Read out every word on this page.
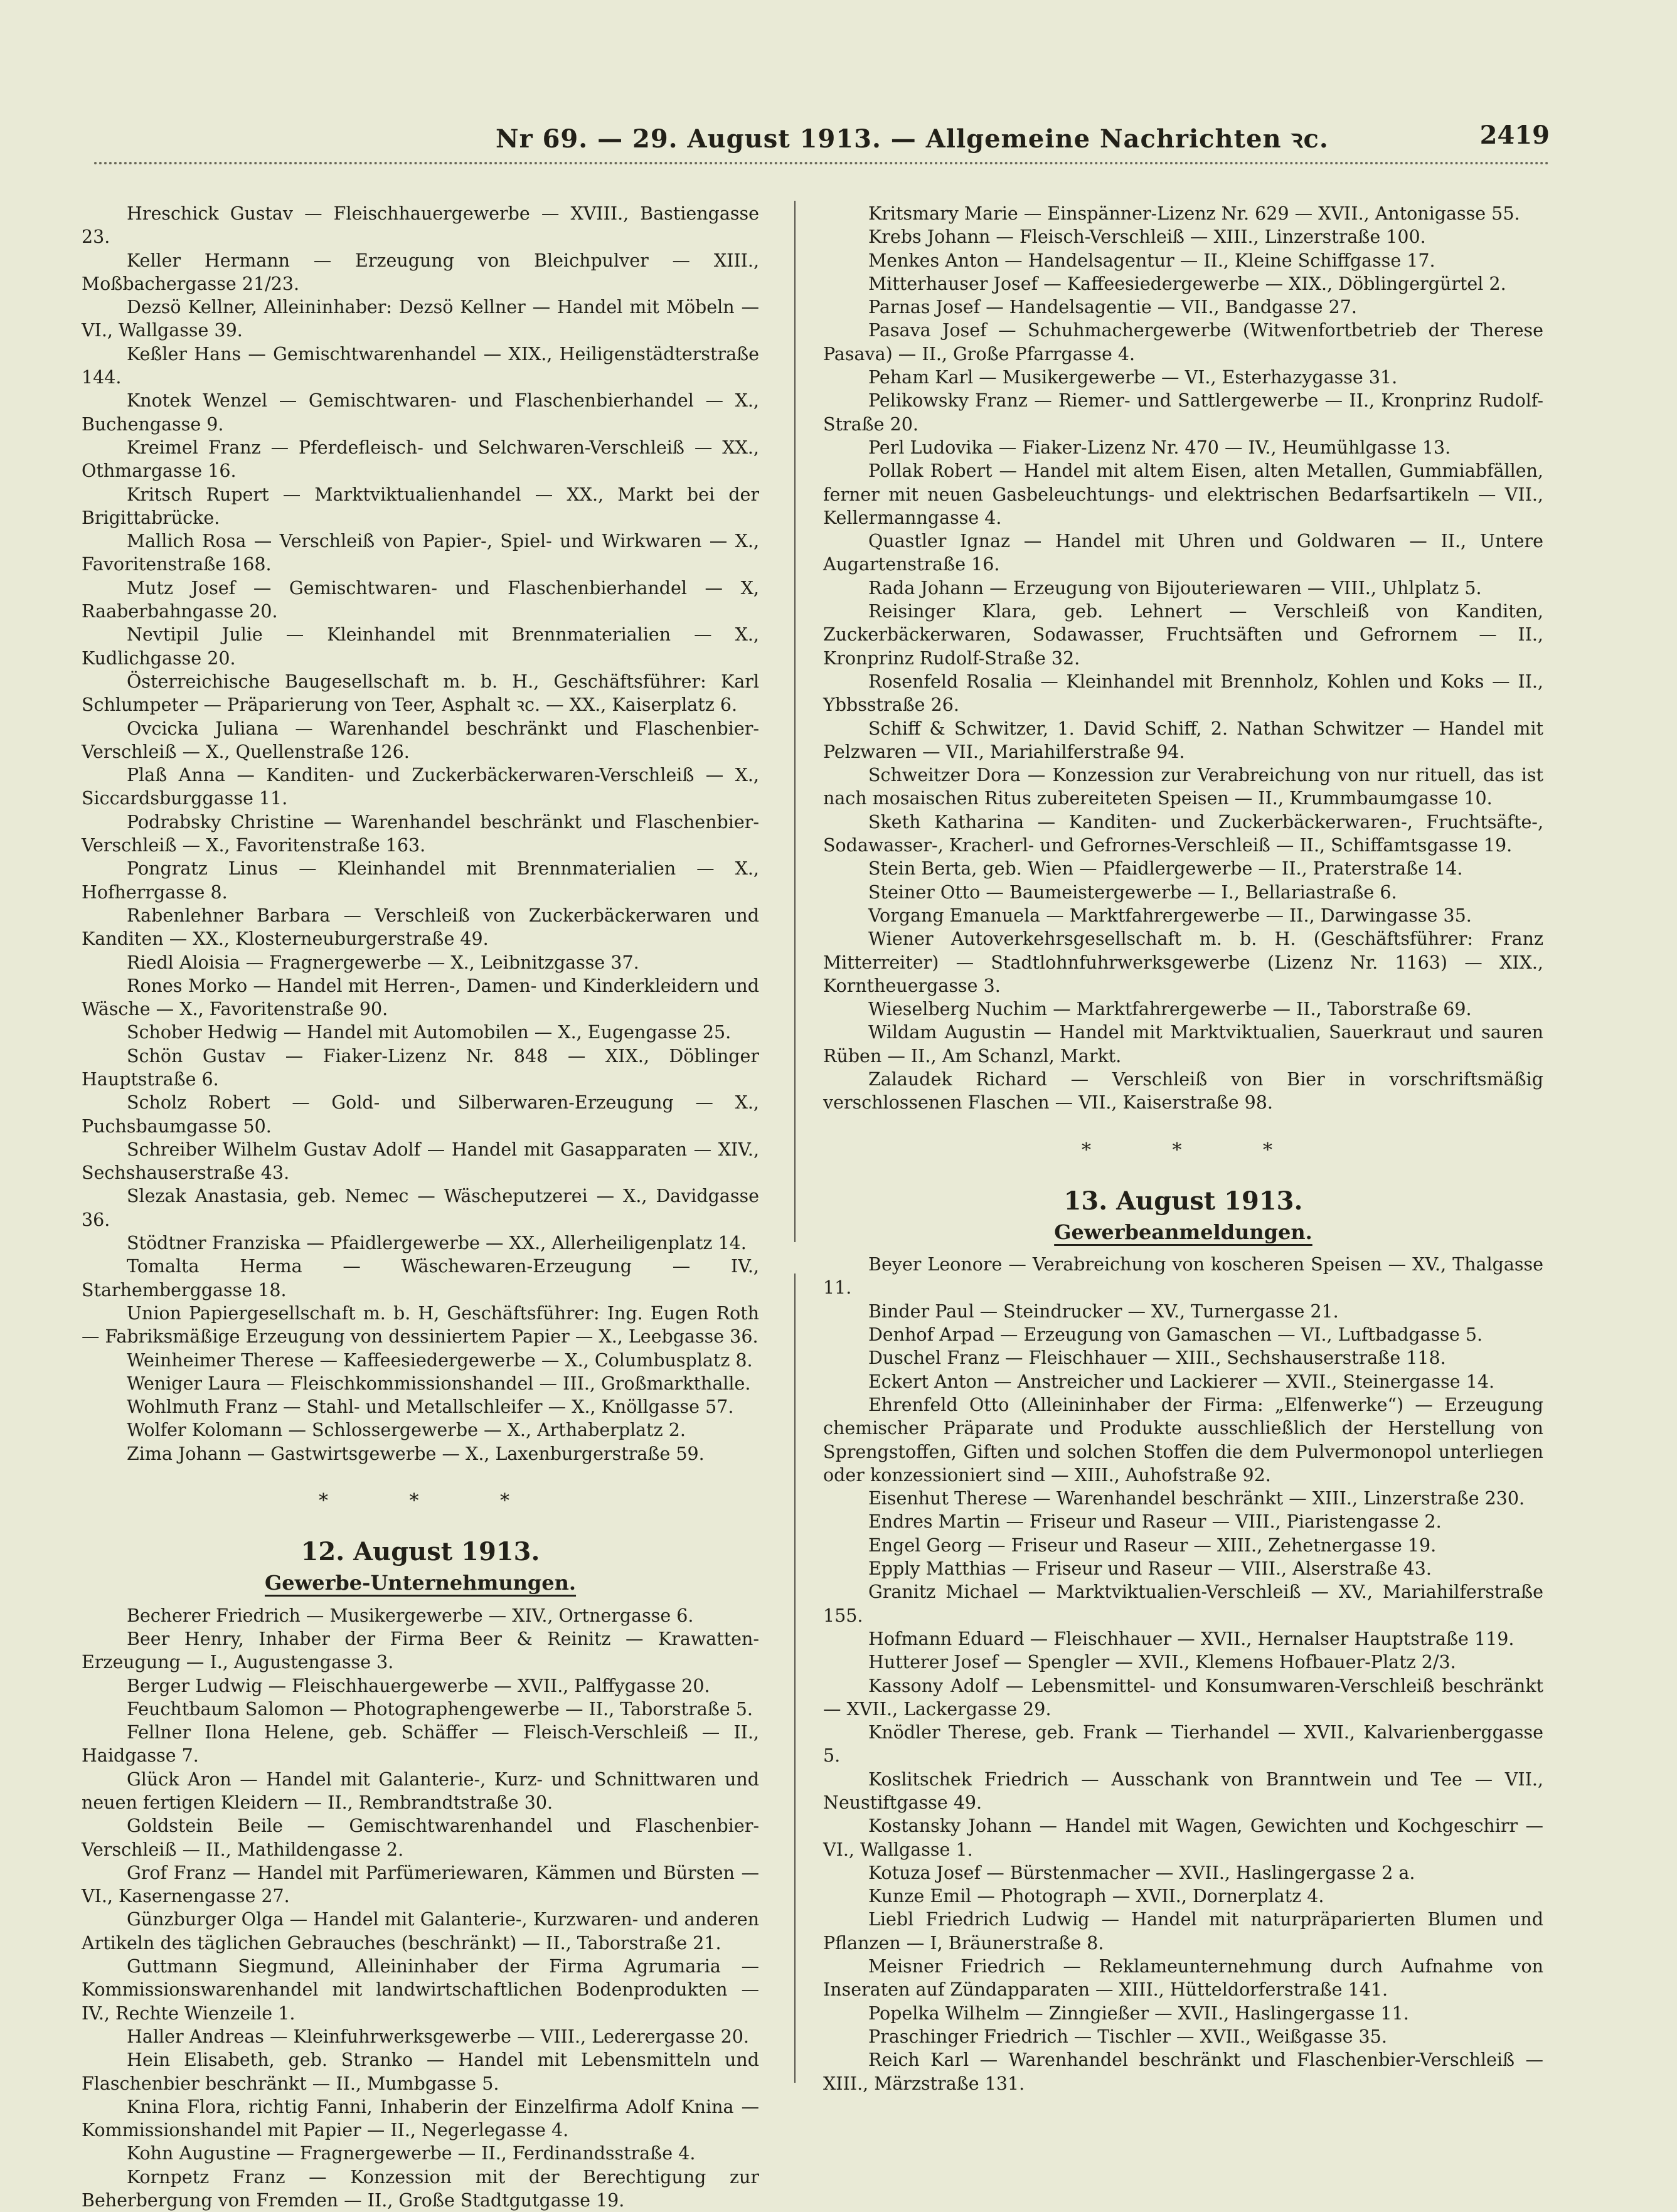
Nr 69. — 29. August 1913. — Allgemeine Nachrichten ꝛc.	2419

Hreschick Gustav — Fleischhauergewerbe — XVIII., Bastiengasse 23.

Keller Hermann — Erzeugung von Bleichpulver — XIII., Moßbachergasse 21/23.

Dezsö Kellner, Alleininhaber: Dezsö Kellner — Handel mit Möbeln — VI., Wallgasse 39.

Keßler Hans — Gemischtwarenhandel — XIX., Heiligenstädterstraße 144.

Knotek Wenzel — Gemischtwaren- und Flaschenbierhandel — X., Buchengasse 9.

Kreimel Franz — Pferdefleisch- und Selchwaren-Verschleiß — XX., Othmargasse 16.

Kritsch Rupert — Marktviktualienhandel — XX., Markt bei der Brigittabrücke.

Mallich Rosa — Verschleiß von Papier-, Spiel- und Wirkwaren — X., Favoritenstraße 168.

Mutz Josef — Gemischtwaren- und Flaschenbierhandel — X, Raaberbahngasse 20.

Nevtipil Julie — Kleinhandel mit Brennmaterialien — X., Kudlichgasse 20.

Österreichische Baugesellschaft m. b. H., Geschäftsführer: Karl Schlumpeter — Präparierung von Teer, Asphalt ꝛc. — XX., Kaiserplatz 6.

Ovcicka Juliana — Warenhandel beschränkt und Flaschenbier-Verschleiß — X., Quellenstraße 126.

Plaß Anna — Kanditen- und Zuckerbäckerwaren-Verschleiß — X., Siccardsburggasse 11.

Podrabsky Christine — Warenhandel beschränkt und Flaschenbier-Verschleiß — X., Favoritenstraße 163.

Pongratz Linus — Kleinhandel mit Brennmaterialien — X., Hofherrgasse 8.

Rabenlehner Barbara — Verschleiß von Zuckerbäckerwaren und Kanditen — XX., Klosterneuburgerstraße 49.

Riedl Aloisia — Fragnergewerbe — X., Leibnitzgasse 37.

Rones Morko — Handel mit Herren-, Damen- und Kinderkleidern und Wäsche — X., Favoritenstraße 90.

Schober Hedwig — Handel mit Automobilen — X., Eugengasse 25.

Schön Gustav — Fiaker-Lizenz Nr. 848 — XIX., Döblinger Hauptstraße 6.

Scholz Robert — Gold- und Silberwaren-Erzeugung — X., Puchsbaumgasse 50.

Schreiber Wilhelm Gustav Adolf — Handel mit Gasapparaten — XIV., Sechshauserstraße 43.

Slezak Anastasia, geb. Nemec — Wäscheputzerei — X., Davidgasse 36.

Stödtner Franziska — Pfaidlergewerbe — XX., Allerheiligenplatz 14.

Tomalta Herma — Wäschewaren-Erzeugung — IV., Starhemberggasse 18.

Union Papiergesellschaft m. b. H, Geschäftsführer: Ing. Eugen Roth — Fabriksmäßige Erzeugung von dessiniertem Papier — X., Leebgasse 36.

Weinheimer Therese — Kaffeesiedergewerbe — X., Columbusplatz 8.

Weniger Laura — Fleischkommissionshandel — III., Großmarkthalle.

Wohlmuth Franz — Stahl- und Metallschleifer — X., Knöllgasse 57.

Wolfer Kolomann — Schlossergewerbe — X., Arthaberplatz 2.

Zima Johann — Gastwirtsgewerbe — X., Laxenburgerstraße 59.

* * *
12. August 1913.
Gewerbe-Unternehmungen.

Becherer Friedrich — Musikergewerbe — XIV., Ortnergasse 6.

Beer Henry, Inhaber der Firma Beer & Reinitz — Krawatten-Erzeugung — I., Augustengasse 3.

Berger Ludwig — Fleischhauergewerbe — XVII., Palffygasse 20.

Feuchtbaum Salomon — Photographengewerbe — II., Taborstraße 5.

Fellner Ilona Helene, geb. Schäffer — Fleisch-Verschleiß — II., Haidgasse 7.

Glück Aron — Handel mit Galanterie-, Kurz- und Schnittwaren und neuen fertigen Kleidern — II., Rembrandtstraße 30.

Goldstein Beile — Gemischtwarenhandel und Flaschenbier-Verschleiß — II., Mathildengasse 2.

Grof Franz — Handel mit Parfümeriewaren, Kämmen und Bürsten — VI., Kasernengasse 27.

Günzburger Olga — Handel mit Galanterie-, Kurzwaren- und anderen Artikeln des täglichen Gebrauches (beschränkt) — II., Taborstraße 21.

Guttmann Siegmund, Alleininhaber der Firma Agrumaria — Kommissionswarenhandel mit landwirtschaftlichen Bodenprodukten — IV., Rechte Wienzeile 1.

Haller Andreas — Kleinfuhrwerksgewerbe — VIII., Lederergasse 20.

Hein Elisabeth, geb. Stranko — Handel mit Lebensmitteln und Flaschenbier beschränkt — II., Mumbgasse 5.

Knina Flora, richtig Fanni, Inhaberin der Einzelfirma Adolf Knina — Kommissionshandel mit Papier — II., Negerlegasse 4.

Kohn Augustine — Fragnergewerbe — II., Ferdinandsstraße 4.

Kornpetz Franz — Konzession mit der Berechtigung zur Beherbergung von Fremden — II., Große Stadtgutgasse 19.

Kritsmary Marie — Einspänner-Lizenz Nr. 629 — XVII., Antonigasse 55.

Krebs Johann — Fleisch-Verschleiß — XIII., Linzerstraße 100.

Menkes Anton — Handelsagentur — II., Kleine Schiffgasse 17.

Mitterhauser Josef — Kaffeesiedergewerbe — XIX., Döblingergürtel 2.

Parnas Josef — Handelsagentie — VII., Bandgasse 27.

Pasava Josef — Schuhmachergewerbe (Witwenfortbetrieb der Therese Pasava) — II., Große Pfarrgasse 4.

Peham Karl — Musikergewerbe — VI., Esterhazygasse 31.

Pelikowsky Franz — Riemer- und Sattlergewerbe — II., Kronprinz Rudolf-Straße 20.

Perl Ludovika — Fiaker-Lizenz Nr. 470 — IV., Heumühlgasse 13.

Pollak Robert — Handel mit altem Eisen, alten Metallen, Gummiabfällen, ferner mit neuen Gasbeleuchtungs- und elektrischen Bedarfsartikeln — VII., Kellermanngasse 4.

Quastler Ignaz — Handel mit Uhren und Goldwaren — II., Untere Augartenstraße 16.

Rada Johann — Erzeugung von Bijouteriewaren — VIII., Uhlplatz 5.

Reisinger Klara, geb. Lehnert — Verschleiß von Kanditen, Zuckerbäckerwaren, Sodawasser, Fruchtsäften und Gefrornem — II., Kronprinz Rudolf-Straße 32.

Rosenfeld Rosalia — Kleinhandel mit Brennholz, Kohlen und Koks — II., Ybbsstraße 26.

Schiff & Schwitzer, 1. David Schiff, 2. Nathan Schwitzer — Handel mit Pelzwaren — VII., Mariahilferstraße 94.

Schweitzer Dora — Konzession zur Verabreichung von nur rituell, das ist nach mosaischen Ritus zubereiteten Speisen — II., Krummbaumgasse 10.

Sketh Katharina — Kanditen- und Zuckerbäckerwaren-, Fruchtsäfte-, Sodawasser-, Kracherl- und Gefrornes-Verschleiß — II., Schiffamtsgasse 19.

Stein Berta, geb. Wien — Pfaidlergewerbe — II., Praterstraße 14.

Steiner Otto — Baumeistergewerbe — I., Bellariastraße 6.

Vorgang Emanuela — Marktfahrergewerbe — II., Darwingasse 35.

Wiener Autoverkehrsgesellschaft m. b. H. (Geschäftsführer: Franz Mitterreiter) — Stadtlohnfuhrwerksgewerbe (Lizenz Nr. 1163) — XIX., Korntheuergasse 3.

Wieselberg Nuchim — Marktfahrergewerbe — II., Taborstraße 69.

Wildam Augustin — Handel mit Marktviktualien, Sauerkraut und sauren Rüben — II., Am Schanzl, Markt.

Zalaudek Richard — Verschleiß von Bier in vorschriftsmäßig verschlossenen Flaschen — VII., Kaiserstraße 98.

* * *
13. August 1913.
Gewerbeanmeldungen.

Beyer Leonore — Verabreichung von koscheren Speisen — XV., Thalgasse 11.

Binder Paul — Steindrucker — XV., Turnergasse 21.

Denhof Arpad — Erzeugung von Gamaschen — VI., Luftbadgasse 5.

Duschel Franz — Fleischhauer — XIII., Sechshauserstraße 118.

Eckert Anton — Anstreicher und Lackierer — XVII., Steinergasse 14.

Ehrenfeld Otto (Alleininhaber der Firma: „Elfenwerke“) — Erzeugung chemischer Präparate und Produkte ausschließlich der Herstellung von Sprengstoffen, Giften und solchen Stoffen die dem Pulvermonopol unterliegen oder konzessioniert sind — XIII., Auhofstraße 92.

Eisenhut Therese — Warenhandel beschränkt — XIII., Linzerstraße 230.

Endres Martin — Friseur und Raseur — VIII., Piaristengasse 2.

Engel Georg — Friseur und Raseur — XIII., Zehetnergasse 19.

Epply Matthias — Friseur und Raseur — VIII., Alserstraße 43.

Granitz Michael — Marktviktualien-Verschleiß — XV., Mariahilferstraße 155.

Hofmann Eduard — Fleischhauer — XVII., Hernalser Hauptstraße 119.

Hutterer Josef — Spengler — XVII., Klemens Hofbauer-Platz 2/3.

Kassony Adolf — Lebensmittel- und Konsumwaren-Verschleiß beschränkt — XVII., Lackergasse 29.

Knödler Therese, geb. Frank — Tierhandel — XVII., Kalvarienberggasse 5.

Koslitschek Friedrich — Ausschank von Branntwein und Tee — VII., Neustiftgasse 49.

Kostansky Johann — Handel mit Wagen, Gewichten und Kochgeschirr — VI., Wallgasse 1.

Kotuza Josef — Bürstenmacher — XVII., Haslingergasse 2 a.

Kunze Emil — Photograph — XVII., Dornerplatz 4.

Liebl Friedrich Ludwig — Handel mit naturpräparierten Blumen und Pflanzen — I, Bräunerstraße 8.

Meisner Friedrich — Reklameunternehmung durch Aufnahme von Inseraten auf Zündapparaten — XIII., Hütteldorferstraße 141.

Popelka Wilhelm — Zinngießer — XVII., Haslingergasse 11.

Praschinger Friedrich — Tischler — XVII., Weißgasse 35.

Reich Karl — Warenhandel beschränkt und Flaschenbier-Verschleiß — XIII., Märzstraße 131.
